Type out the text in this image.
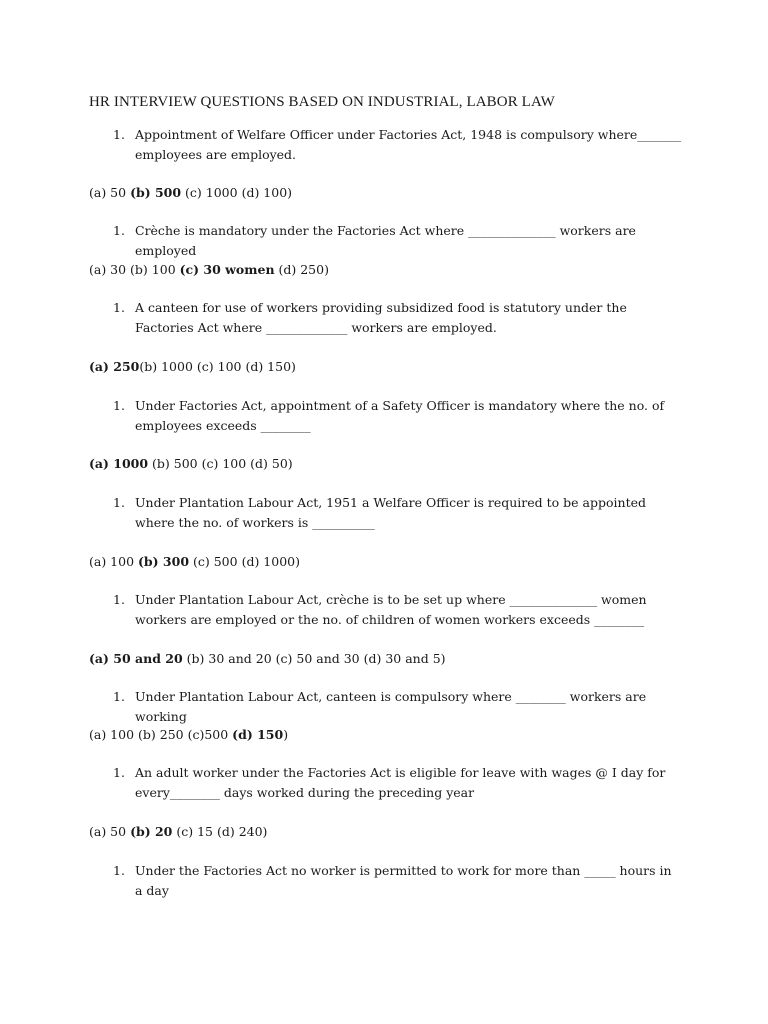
HR INTERVIEW QUESTIONS BASED ON INDUSTRIAL, LABOR LAW
1. Appointment of Welfare Officer under Factories Act, 1948 is compulsory where_______ employees are employed.
(a) 50 (b) 500 (c) 1000 (d) 100)
1. Crèche is mandatory under the Factories Act where ______________ workers are employed
(a) 30 (b) 100 (c) 30 women (d) 250)
1. A canteen for use of workers providing subsidized food is statutory under the Factories Act where _____________ workers are employed.
(a) 250(b) 1000 (c) 100 (d) 150)
1. Under Factories Act, appointment of a Safety Officer is mandatory where the no. of employees exceeds ________
(a) 1000 (b) 500 (c) 100 (d) 50)
1. Under Plantation Labour Act, 1951 a Welfare Officer is required to be appointed where the no. of workers is __________
(a) 100 (b) 300 (c) 500 (d) 1000)
1. Under Plantation Labour Act, crèche is to be set up where ______________ women workers are employed or the no. of children of women workers exceeds ________
(a) 50 and 20 (b) 30 and 20 (c) 50 and 30 (d) 30 and 5)
1. Under Plantation Labour Act, canteen is compulsory where ________ workers are working
(a) 100 (b) 250 (c)500 (d) 150)
1. An adult worker under the Factories Act is eligible for leave with wages @ I day for every________ days worked during the preceding year
(a) 50 (b) 20 (c) 15 (d) 240)
1. Under the Factories Act no worker is permitted to work for more than _____ hours in a day
